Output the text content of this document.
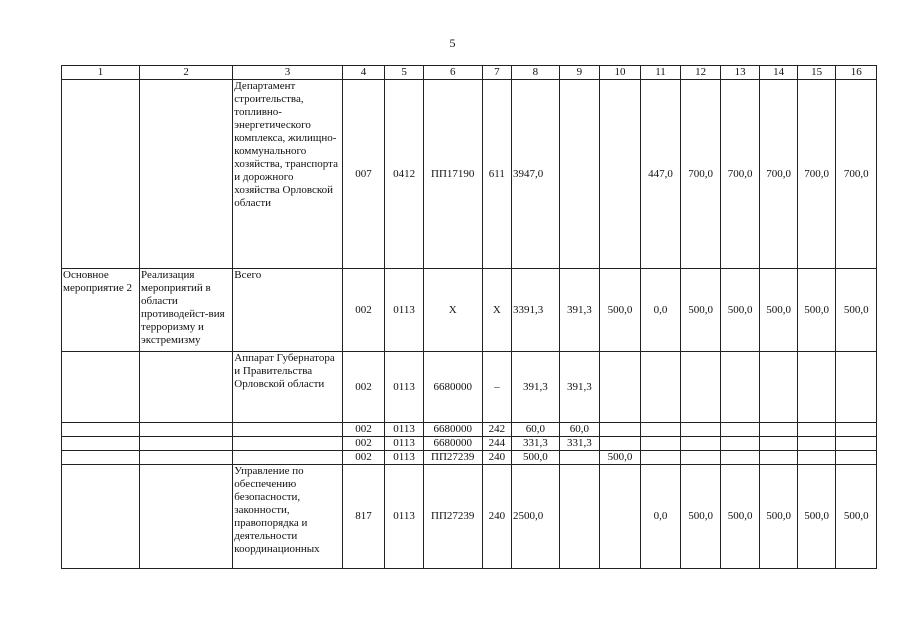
5
1	2	3	4	5	6	7	8	9	10	11	12	13	14	15	16
		Департамент строительства, топливно-энергетического комплекса, жилищно-коммунального хозяйства, транспорта и дорожного хозяйства Орловской области	007	0412	ПП17190	611	3947,0			447,0	700,0	700,0	700,0	700,0	700,0
Основное мероприятие 2	Реализация мероприятий в области противодейст-вия терроризму и экстремизму	Всего	002	0113	Х	Х	3391,3	391,3	500,0	0,0	500,0	500,0	500,0	500,0	500,0
		Аппарат Губернатора и Правительства Орловской области	002	0113	6680000	–	391,3	391,3							
			002	0113	6680000	242	60,0	60,0							
			002	0113	6680000	244	331,3	331,3							
			002	0113	ПП27239	240	500,0		500,0						
		Управление по обеспечению безопасности, законности, правопорядка и деятельности координационных	817	0113	ПП27239	240	2500,0			0,0	500,0	500,0	500,0	500,0	500,0
